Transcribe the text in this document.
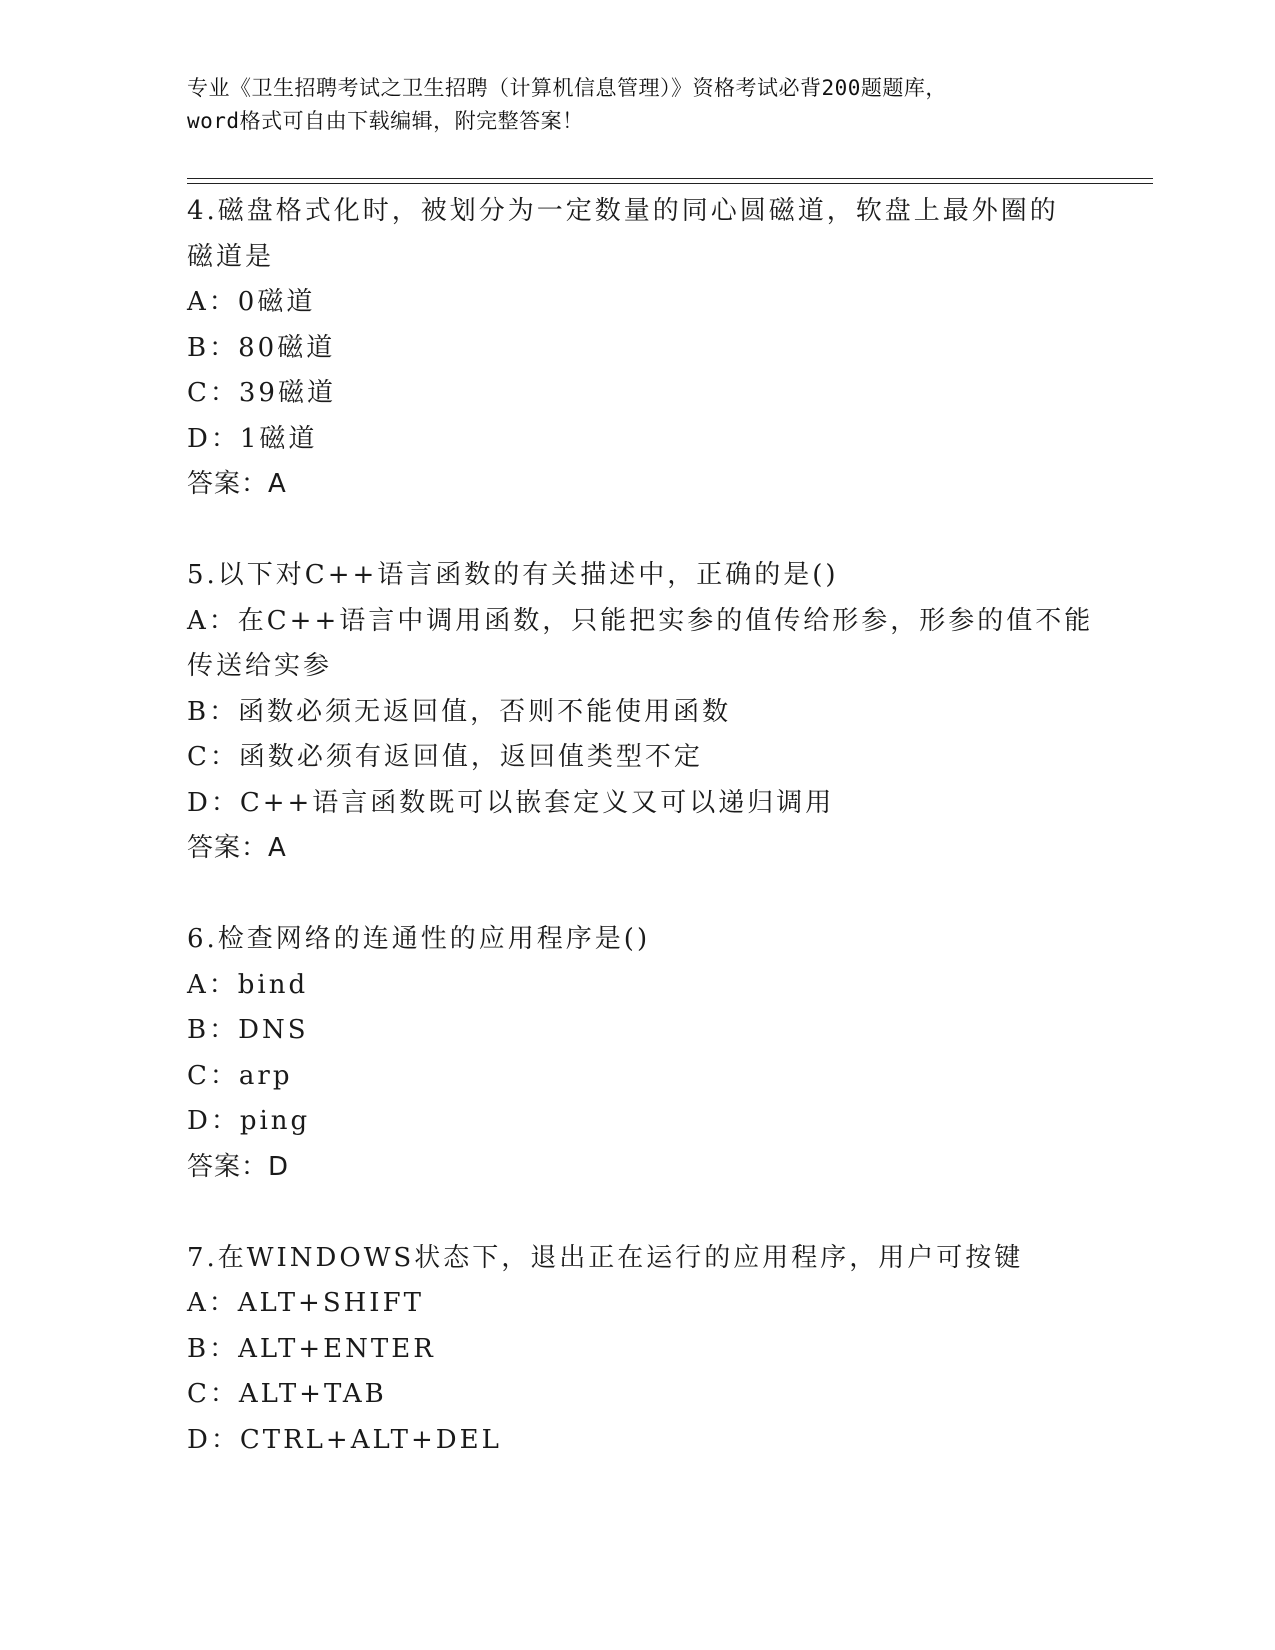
专业《卫生招聘考试之卫生招聘（计算机信息管理）》资格考试必背200题题库，
word格式可自由下载编辑，附完整答案！
4.磁盘格式化时，被划分为一定数量的同心圆磁道，软盘上最外圈的
磁道是
A：0磁道
B：80磁道
C：39磁道
D：1磁道
答案：A
5.以下对C++语言函数的有关描述中，正确的是()
A：在C++语言中调用函数，只能把实参的值传给形参，形参的值不能
传送给实参
B：函数必须无返回值，否则不能使用函数
C：函数必须有返回值，返回值类型不定
D：C++语言函数既可以嵌套定义又可以递归调用
答案：A
6.检查网络的连通性的应用程序是()
A：bind
B：DNS
C：arp
D：ping
答案：D
7.在WINDOWS状态下，退出正在运行的应用程序，用户可按键
A：ALT+SHIFT
B：ALT+ENTER
C：ALT+TAB
D：CTRL+ALT+DEL
